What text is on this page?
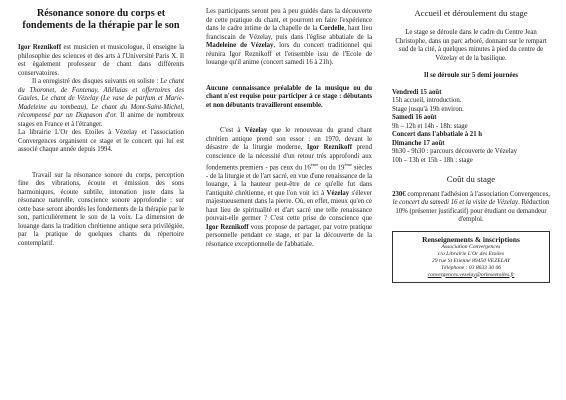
Résonance sonore du corps et fondements de la thérapie par le son

Igor Reznikoff est musicien et musicologue, il enseigne la philosophie des sciences et des arts à l'Université Paris X. Il est également professeur de chant dans différents conservatoires.

Il a enregistré des disques suivants en soliste : Le chant du Thoronet, de Fontenay, Alléluias et offertoires des Gaules, Le chant de Vézelay (Le vase de parfum et Marie-Madeleine au tombeau), Le chant du Mont-Saint-Michel, récompensé par un Diapason d'or. Il anime de nombreux stages en France et à l'étranger.

La librairie L'Or des Etoiles à Vézelay et l'association Convergences organisent ce stage et le concert qui lui est associé chaque année depuis 1994.

Travail sur la résonance sonore du corps, perception fine des vibrations, écoute et émission des sons harmoniques, écoute subtile, intonation juste dans la résonance naturelle, conscience sonore approfondie : sur cette base seront abordés les fondements de la thérapie par le son, particulièrement le son de la voix. La dimension de louange dans la tradition chrétienne antique sera privilégiée, par la pratique de quelques chants du répertoire contemplatif.

Les participants seront peu à peu guidés dans la découverte de cette pratique du chant, et pourront en faire l'expérience dans le cadre intime de la chapelle de la Cordelle, haut lieu franciscain de Vézelay, puis dans l'église abbatiale de la Madeleine de Vézelay, lors du concert traditionnel qui réunira Igor Reznikoff et l'ensemble issu de l'Ecole de louange qu'il anime (concert samedi 16 à 21h).

Aucune connaissance préalable de la musique ou du chant n'est requise pour participer à ce stage : débutants et non débutants travailleront ensemble.

C'est à Vézelay que le renouveau du grand chant chrétien antique prend son essor : en 1970, devant le désastre de la liturgie moderne, Igor Reznikoff prend conscience de la nécessité d'un retour très approfondi aux fondements premiers - pas ceux du 16ème ou du 19ème siècles - de la liturgie et de l'art sacré, en vue d'une renaissance de la louange, à la hauteur peut-être de ce qu'elle fut dans l'antiquité chrétienne, et que l'on voit ici à Vézelay s'élever majestueusement dans la pierre. Où, en effet, mieux qu'en ce haut lieu de spiritualité et d'art sacré une telle renaissance pouvait-elle germer ? C'est cette prise de conscience que Igor Reznikoff vous propose de partager, par votre pratique personnelle pendant ce stage, et par la découverte de la résonance exceptionnelle de l'abbatiale.

Accueil et déroulement du stage

Le stage se déroule dans le cadre du Centre Jean Christophe, dans un parc arboré, donnant sur le rempart sud de la cité, à quelques minutes à pied du centre de Vézelay et de la basilique.

Il se déroule sur 5 demi journées

Vendredi 15 août

15h accueil, introduction.

Stage jusqu'à 19h environ.

Samedi 16 août

9h – 12h et 14h - 18h: stage

Concert dans l'abbatiale à 21 h

Dimanche 17 août

9h30 - 9h30 : parcours découverte de Vézelay

10h – 13h et 15h - 18h : stage

Coût du stage

230€ comprenant l'adhésion à l'association Convergences, le concert du samedi 16 et la visite de Vézelay. Réduction 10% (présenter justificatif) pour étudiant ou demandeur d'emploi.

Renseignements & inscriptions
Association Convergences
c/o Librairie L'Or des Etoiles
29 rue St Etienne 89450 VEZELAY
Téléphone : 03 8633 30 06
convergences.vezelay@orleseetoiles.fr
